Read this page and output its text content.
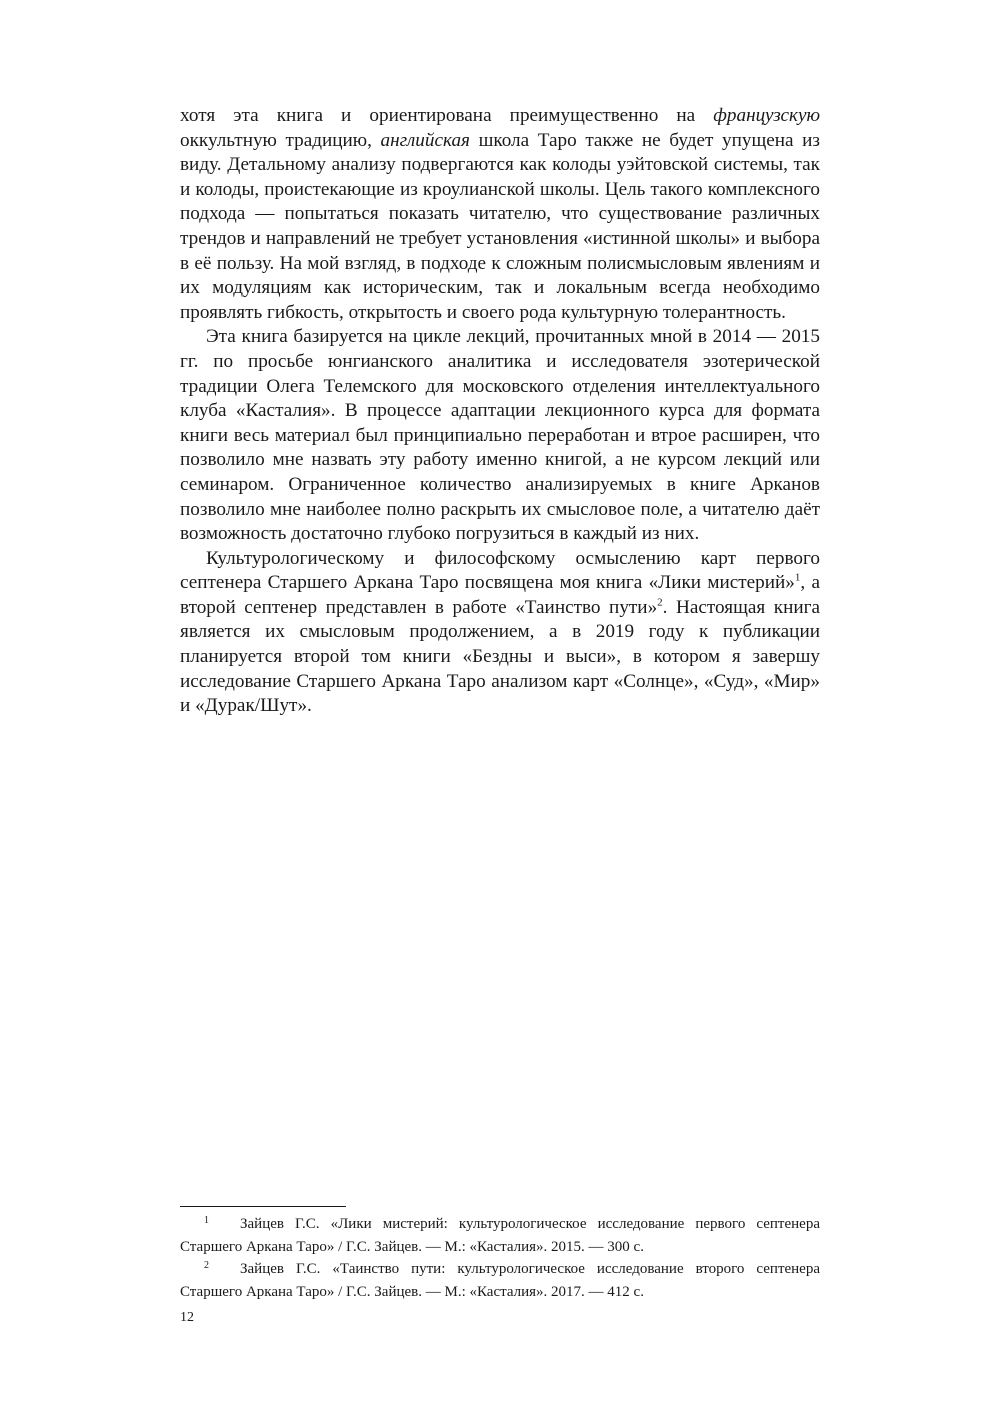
хотя эта книга и ориентирована преимущественно на французскую оккультную традицию, английская школа Таро также не будет упущена из виду. Детальному анализу подвергаются как колоды уэйтовской системы, так и колоды, проистекающие из кроулианской школы. Цель такого комплексного подхода — попытаться показать читателю, что существование различных трендов и направлений не требует установления «истинной школы» и выбора в её пользу. На мой взгляд, в подходе к сложным полисмысловым явлениям и их модуляциям как историческим, так и локальным всегда необходимо проявлять гибкость, открытость и своего рода культурную толерантность.

Эта книга базируется на цикле лекций, прочитанных мной в 2014 — 2015 гг. по просьбе юнгианского аналитика и исследователя эзотерической традиции Олега Телемского для московского отделения интеллектуального клуба «Касталия». В процессе адаптации лекционного курса для формата книги весь материал был принципиально переработан и втрое расширен, что позволило мне назвать эту работу именно книгой, а не курсом лекций или семинаром. Ограниченное количество анализируемых в книге Арканов позволило мне наиболее полно раскрыть их смысловое поле, а читателю даёт возможность достаточно глубоко погрузиться в каждый из них.

Культурологическому и философскому осмыслению карт первого септенера Старшего Аркана Таро посвящена моя книга «Лики мистерий»$^1$, а второй септенер представлен в работе «Таинство пути»$^2$. Настоящая книга является их смысловым продолжением, а в 2019 году к публикации планируется второй том книги «Бездны и выси», в котором я завершу исследование Старшего Аркана Таро анализом карт «Солнце», «Суд», «Мир» и «Дурак/Шут».

1 Зайцев Г.С. «Лики мистерий: культурологическое исследование первого септенера Старшего Аркана Таро» / Г.С. Зайцев. — М.: «Касталия». 2015. — 300 с.

2 Зайцев Г.С. «Таинство пути: культурологическое исследование второго септенера Старшего Аркана Таро» / Г.С. Зайцев. — М.: «Касталия». 2017. — 412 с.

12
